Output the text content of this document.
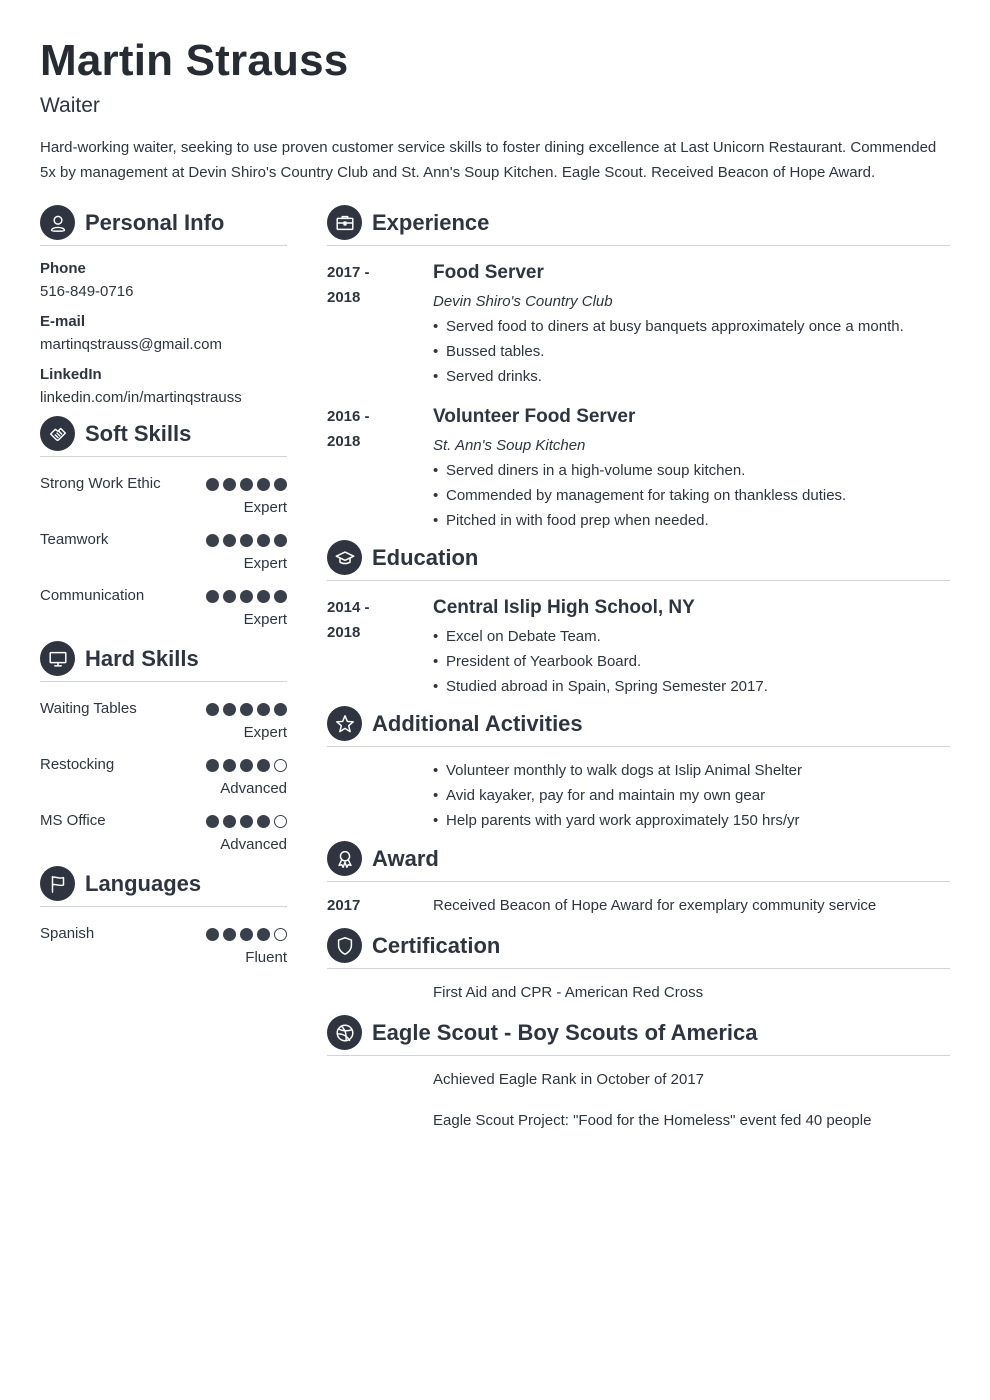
Martin Strauss
Waiter

Hard-working waiter, seeking to use proven customer service skills to foster dining excellence at Last Unicorn Restaurant. Commended 5x by management at Devin Shiro's Country Club and St. Ann's Soup Kitchen. Eagle Scout. Received Beacon of Hope Award.

Personal Info
Phone
516-849-0716
E-mail
martinqstrauss@gmail.com
LinkedIn
linkedin.com/in/martinqstrauss
Soft Skills
Strong Work Ethic
Expert
Teamwork
Expert
Communication
Expert
Hard Skills
Waiting Tables
Expert
Restocking
Advanced
MS Office
Advanced
Languages
Spanish
Fluent
Experience
2017 -
2018
Food Server
Devin Shiro's Country Club
• Served food to diners at busy banquets approximately once a month.
• Bussed tables.
• Served drinks.
2016 -
2018
Volunteer Food Server
St. Ann's Soup Kitchen
• Served diners in a high-volume soup kitchen.
• Commended by management for taking on thankless duties.
• Pitched in with food prep when needed.
Education
2014 -
2018
Central Islip High School, NY
• Excel on Debate Team.
• President of Yearbook Board.
• Studied abroad in Spain, Spring Semester 2017.
Additional Activities
• Volunteer monthly to walk dogs at Islip Animal Shelter
• Avid kayaker, pay for and maintain my own gear
• Help parents with yard work approximately 150 hrs/yr
Award
2017	Received Beacon of Hope Award for exemplary community service
Certification
First Aid and CPR - American Red Cross
Eagle Scout - Boy Scouts of America
Achieved Eagle Rank in October of 2017
Eagle Scout Project: "Food for the Homeless" event fed 40 people
